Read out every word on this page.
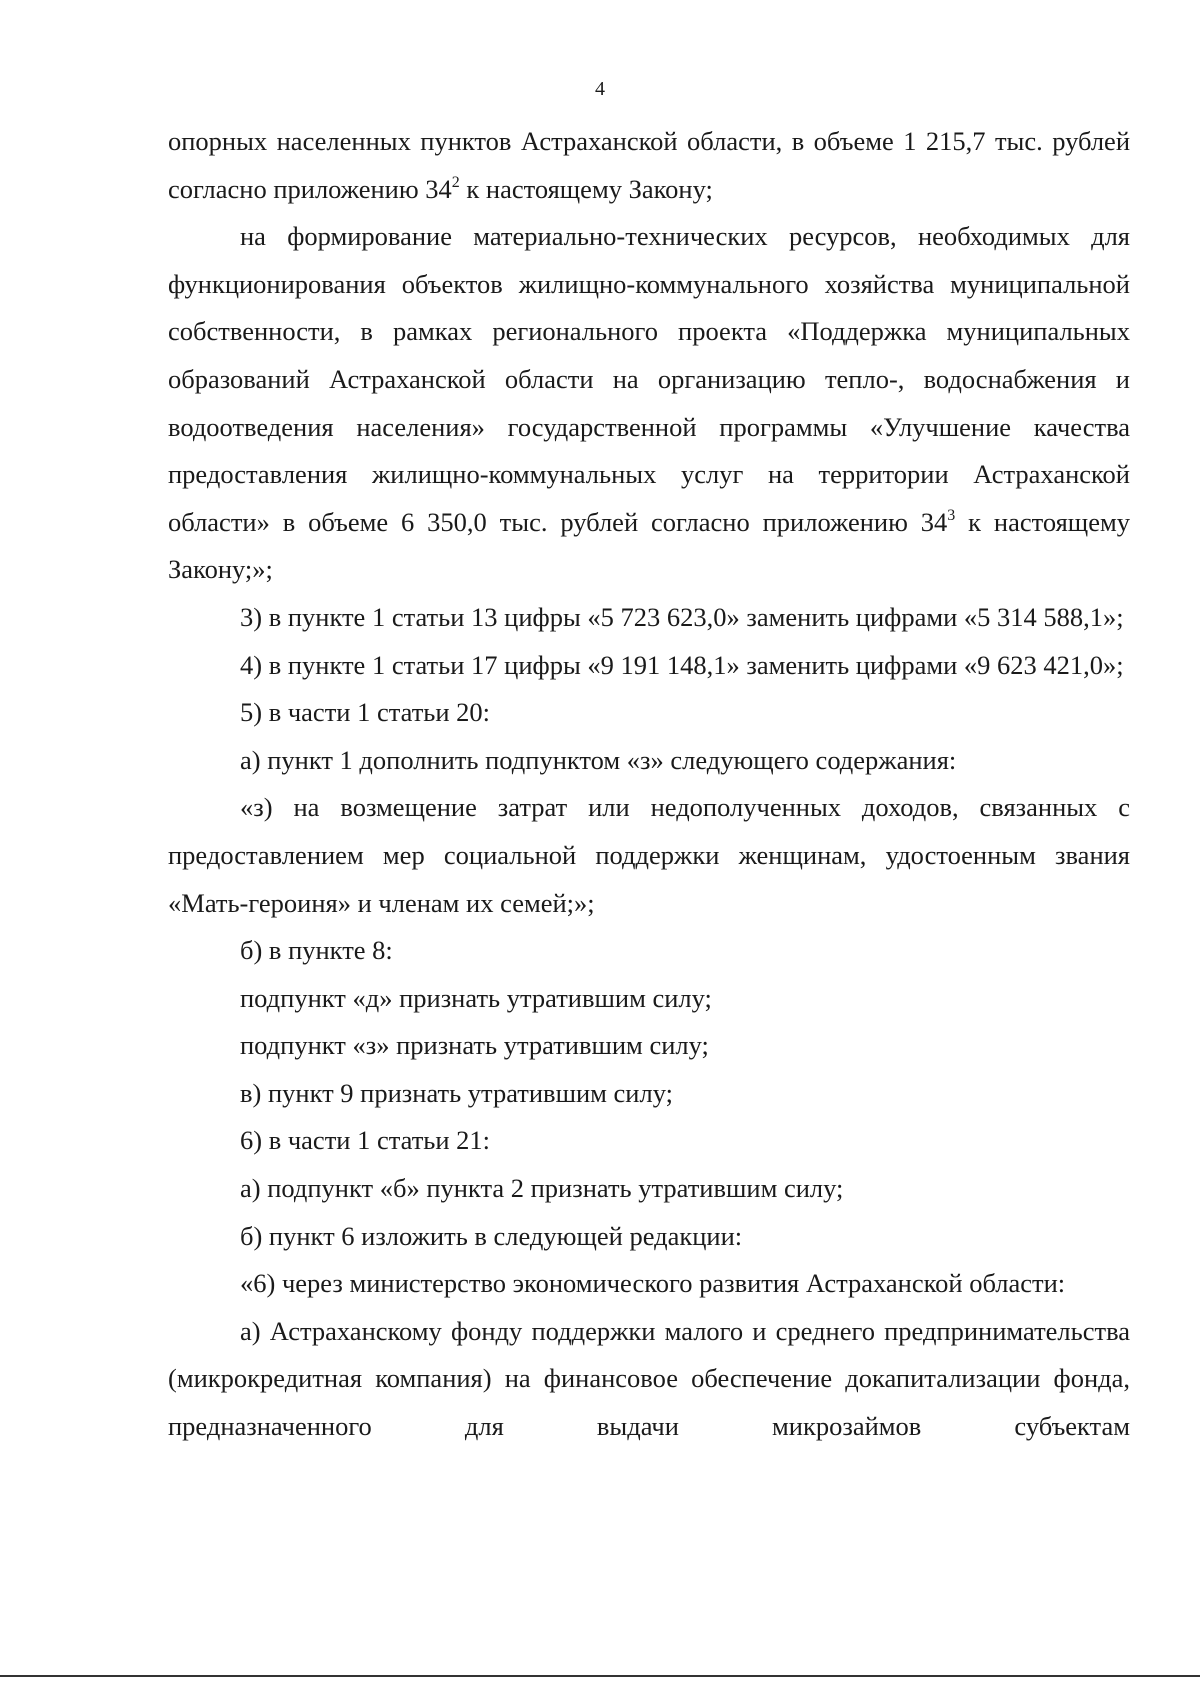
4

опорных населенных пунктов Астраханской области, в объеме 1 215,7 тыс. рублей согласно приложению $34^2$ к настоящему Закону;

на формирование материально-технических ресурсов, необходимых для функционирования объектов жилищно-коммунального хозяйства муниципальной собственности, в рамках регионального проекта «Поддержка муниципальных образований Астраханской области на организацию тепло-, водоснабжения и водоотведения населения» государственной программы «Улучшение качества предоставления жилищно-коммунальных услуг на территории Астраханской области» в объеме 6 350,0 тыс. рублей согласно приложению $34^3$ к настоящему Закону;»;

3) в пункте 1 статьи 13 цифры «5 723 623,0» заменить цифрами «5 314 588,1»;

4) в пункте 1 статьи 17 цифры «9 191 148,1» заменить цифрами «9 623 421,0»;

5) в части 1 статьи 20:

а) пункт 1 дополнить подпунктом «з» следующего содержания:

«з) на возмещение затрат или недополученных доходов, связанных с предоставлением мер социальной поддержки женщинам, удостоенным звания «Мать-героиня» и членам их семей;»;

б) в пункте 8:

подпункт «д» признать утратившим силу;

подпункт «з» признать утратившим силу;

в) пункт 9 признать утратившим силу;

6) в части 1 статьи 21:

а) подпункт «б» пункта 2 признать утратившим силу;

б) пункт 6 изложить в следующей редакции:

«6) через министерство экономического развития Астраханской области:

а) Астраханскому фонду поддержки малого и среднего предпринимательства (микрокредитная компания) на финансовое обеспечение докапитализации фонда, предназначенного для выдачи микрозаймов субъектам
